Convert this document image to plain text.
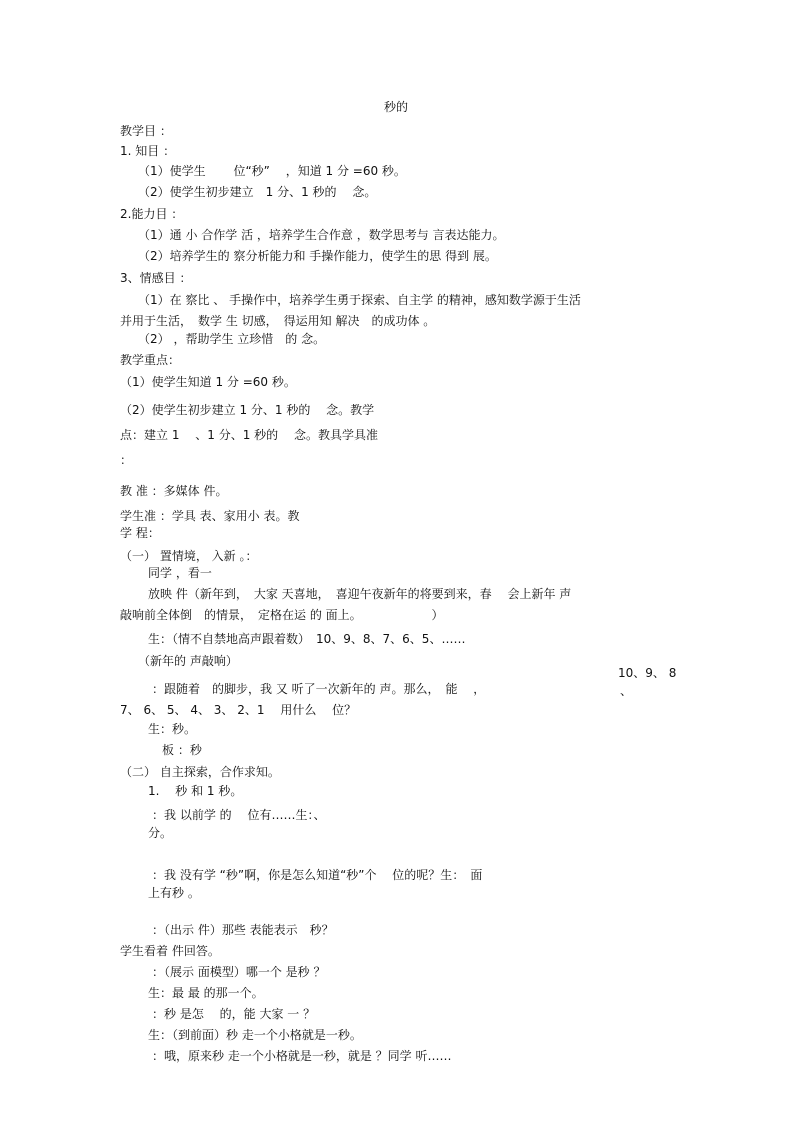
秒的
教学目 ：
1. 知目 ：
（1）使学生　　 位“秒”　 ，知道 1 分 =60 秒。
（2）使学生初步建立　1 分、1 秒的　 念。
2.能力目 ：
（1）通 小 合作学 活 ，培养学生合作意 ，数学思考与 言表达能力。
（2）培养学生的 察分析能力和 手操作能力，使学生的思 得到 展。
3、情感目 ：
（1）在 察比 、 手操作中，培养学生勇于探索、自主学 的精神，感知数学源于生活
并用于生活，　数学 生 切感，　得运用知 解决　的成功体 。
（2） ，帮助学生 立珍惜　的 念。
教学重点：
（1）使学生知道 1 分 =60 秒。
（2）使学生初步建立 1 分、1 秒的　 念。教学
点：建立 1　 、1 分、1 秒的　 念。教具学具准
：
教 准 ：多媒体 件。
学生准 ：学具 表、家用小 表。教
学 程：
（一） 置情境， 入新 。：
同学 ，看一
放映 件（新年到，　大家 天喜地，　喜迎午夜新年的将要到来，春　 会上新年 声
敲响前全体倒　的情景，　定格在运 的 面上。　　　　　　 ）
生：（情不自禁地高声跟着数）　10、9、8、7、6、5、……
（新年的 声敲响）
10、9、 8
、
：跟随着　的脚步，我 又 听了一次新年的 声。那么，　能　 ，
7、 6、 5、 4、 3、 2、1　 用什么　 位？
生：秒。
板 ：秒
（二） 自主探索，合作求知。
1.　 秒 和 1 秒。
：我 以前学 的　 位有……生：、
分。
：我 没有学 “秒”啊，你是怎么知道“秒”个　 位的呢？生：　面
上有秒 。
：（出示 件）那些 表能表示　秒？
学生看着 件回答。
：（展示 面模型）哪一个 是秒 ？
生：最 最 的那一个。
：秒 是怎　 的，能 大家 一 ？
生：（到前面）秒 走一个小格就是一秒。
：哦，原来秒 走一个小格就是一秒，就是 ？同学 听……
